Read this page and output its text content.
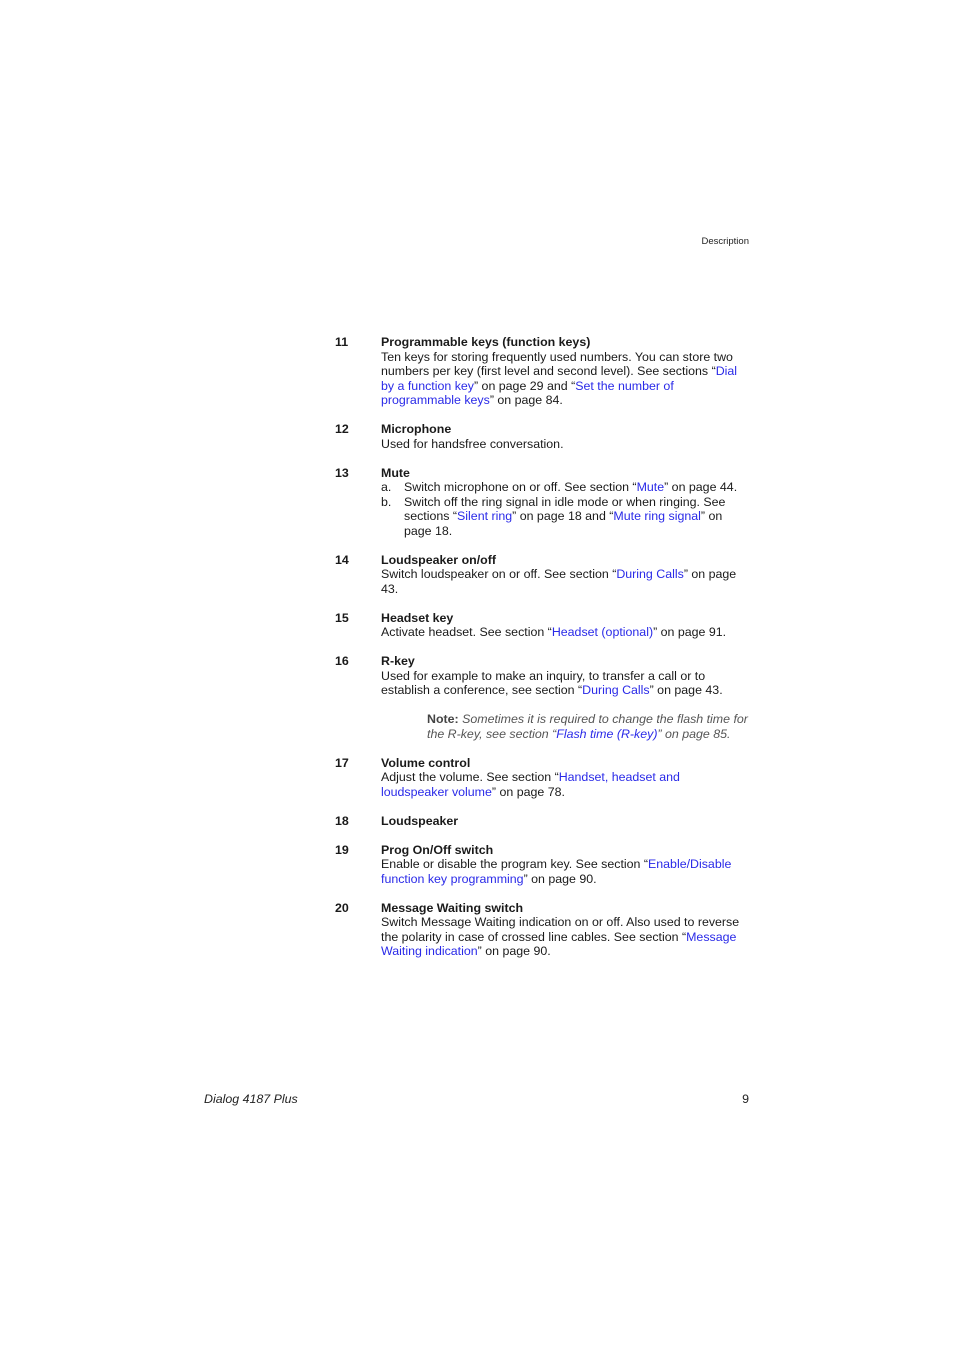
Description
11	Programmable keys (function keys)
Ten keys for storing frequently used numbers. You can store two numbers per key (first level and second level). See sections “Dial by a function key” on page 29 and “Set the number of programmable keys” on page 84.
12	Microphone
Used for handsfree conversation.
13	Mute
a. Switch microphone on or off. See section “Mute” on page 44.
b. Switch off the ring signal in idle mode or when ringing. See sections “Silent ring” on page 18 and “Mute ring signal” on page 18.
14	Loudspeaker on/off
Switch loudspeaker on or off. See section “During Calls” on page 43.
15	Headset key
Activate headset. See section “Headset (optional)” on page 91.
16	R-key
Used for example to make an inquiry, to transfer a call or to establish a conference, see section “During Calls” on page 43.
Note: Sometimes it is required to change the flash time for the R-key, see section “Flash time (R-key)” on page 85.
17	Volume control
Adjust the volume. See section “Handset, headset and loudspeaker volume” on page 78.
18	Loudspeaker
19	Prog On/Off switch
Enable or disable the program key. See section “Enable/Disable function key programming” on page 90.
20	Message Waiting switch
Switch Message Waiting indication on or off. Also used to reverse the polarity in case of crossed line cables. See section “Message Waiting indication” on page 90.
Dialog 4187 Plus	9
